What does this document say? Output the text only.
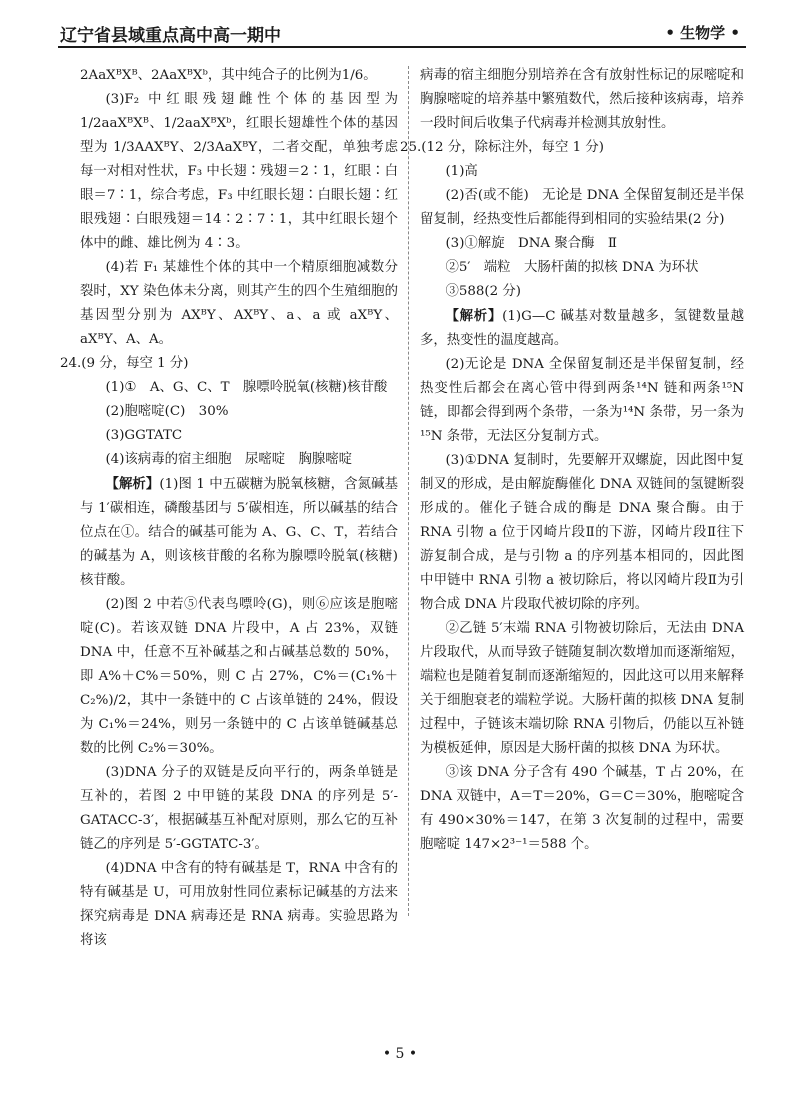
辽宁省县域重点高中高一期中	• 生物学 •

2AaXᴮXᴮ、2AaXᴮXᵇ，其中纯合子的比例为1/6。

(3)F₂ 中红眼残翅雌性个体的基因型为 1/2aaXᴮXᴮ、1/2aaXᴮXᵇ，红眼长翅雄性个体的基因型为 1/3AAXᴮY、2/3AaXᴮY，二者交配，单独考虑每一对相对性状，F₃ 中长翅∶残翅＝2∶1，红眼∶白眼＝7∶1，综合考虑，F₃ 中红眼长翅∶白眼长翅∶红眼残翅∶白眼残翅＝14∶2∶7∶1，其中红眼长翅个体中的雌、雄比例为 4∶3。

(4)若 F₁ 某雄性个体的其中一个精原细胞减数分裂时，XY 染色体未分离，则其产生的四个生殖细胞的基因型分别为 AXᴮY、AXᴮY、a、a 或 aXᴮY、aXᴮY、A、A。

24.(9 分，每空 1 分)

(1)①　A、G、C、T　腺嘌呤脱氧(核糖)核苷酸

(2)胞嘧啶(C)　30%

(3)GGTATC

(4)该病毒的宿主细胞　尿嘧啶　胸腺嘧啶

【解析】(1)图 1 中五碳糖为脱氧核糖，含氮碱基与 1′碳相连，磷酸基团与 5′碳相连，所以碱基的结合位点在①。结合的碱基可能为 A、G、C、T，若结合的碱基为 A，则该核苷酸的名称为腺嘌呤脱氧(核糖)核苷酸。

(2)图 2 中若⑤代表鸟嘌呤(G)，则⑥应该是胞嘧啶(C)。若该双链 DNA 片段中，A 占 23%，双链 DNA 中，任意不互补碱基之和占碱基总数的 50%，即 A%＋C%＝50%，则 C 占 27%，C%＝(C₁%＋C₂%)/2，其中一条链中的 C 占该单链的 24%，假设为 C₁%＝24%，则另一条链中的 C 占该单链碱基总数的比例 C₂%＝30%。

(3)DNA 分子的双链是反向平行的，两条单链是互补的，若图 2 中甲链的某段 DNA 的序列是 5′-GATACC-3′，根据碱基互补配对原则，那么它的互补链乙的序列是 5′-GGTATC-3′。

(4)DNA 中含有的特有碱基是 T，RNA 中含有的特有碱基是 U，可用放射性同位素标记碱基的方法来探究病毒是 DNA 病毒还是 RNA 病毒。实验思路为将该

病毒的宿主细胞分别培养在含有放射性标记的尿嘧啶和胸腺嘧啶的培养基中繁殖数代，然后接种该病毒，培养一段时间后收集子代病毒并检测其放射性。

25.(12 分，除标注外，每空 1 分)

(1)高

(2)否(或不能)　无论是 DNA 全保留复制还是半保留复制，经热变性后都能得到相同的实验结果(2 分)

(3)①解旋　DNA 聚合酶　Ⅱ

②5′　端粒　大肠杆菌的拟核 DNA 为环状

③588(2 分)

【解析】(1)G—C 碱基对数量越多，氢键数量越多，热变性的温度越高。

(2)无论是 DNA 全保留复制还是半保留复制，经热变性后都会在离心管中得到两条¹⁴N 链和两条¹⁵N 链，即都会得到两个条带，一条为¹⁴N 条带，另一条为¹⁵N 条带，无法区分复制方式。

(3)①DNA 复制时，先要解开双螺旋，因此图中复制叉的形成，是由解旋酶催化 DNA 双链间的氢键断裂形成的。催化子链合成的酶是 DNA 聚合酶。由于 RNA 引物 a 位于冈崎片段Ⅱ的下游，冈崎片段Ⅱ往下游复制合成，是与引物 a 的序列基本相同的，因此图中甲链中 RNA 引物 a 被切除后，将以冈崎片段Ⅱ为引物合成 DNA 片段取代被切除的序列。

②乙链 5′末端 RNA 引物被切除后，无法由 DNA 片段取代，从而导致子链随复制次数增加而逐渐缩短，端粒也是随着复制而逐渐缩短的，因此这可以用来解释关于细胞衰老的端粒学说。大肠杆菌的拟核 DNA 复制过程中，子链该末端切除 RNA 引物后，仍能以互补链为模板延伸，原因是大肠杆菌的拟核 DNA 为环状。

③该 DNA 分子含有 490 个碱基，T 占 20%，在 DNA 双链中，A＝T＝20%，G＝C＝30%，胞嘧啶含有 490×30%＝147，在第 3 次复制的过程中，需要胞嘧啶 147×2³⁻¹＝588 个。

• 5 •
